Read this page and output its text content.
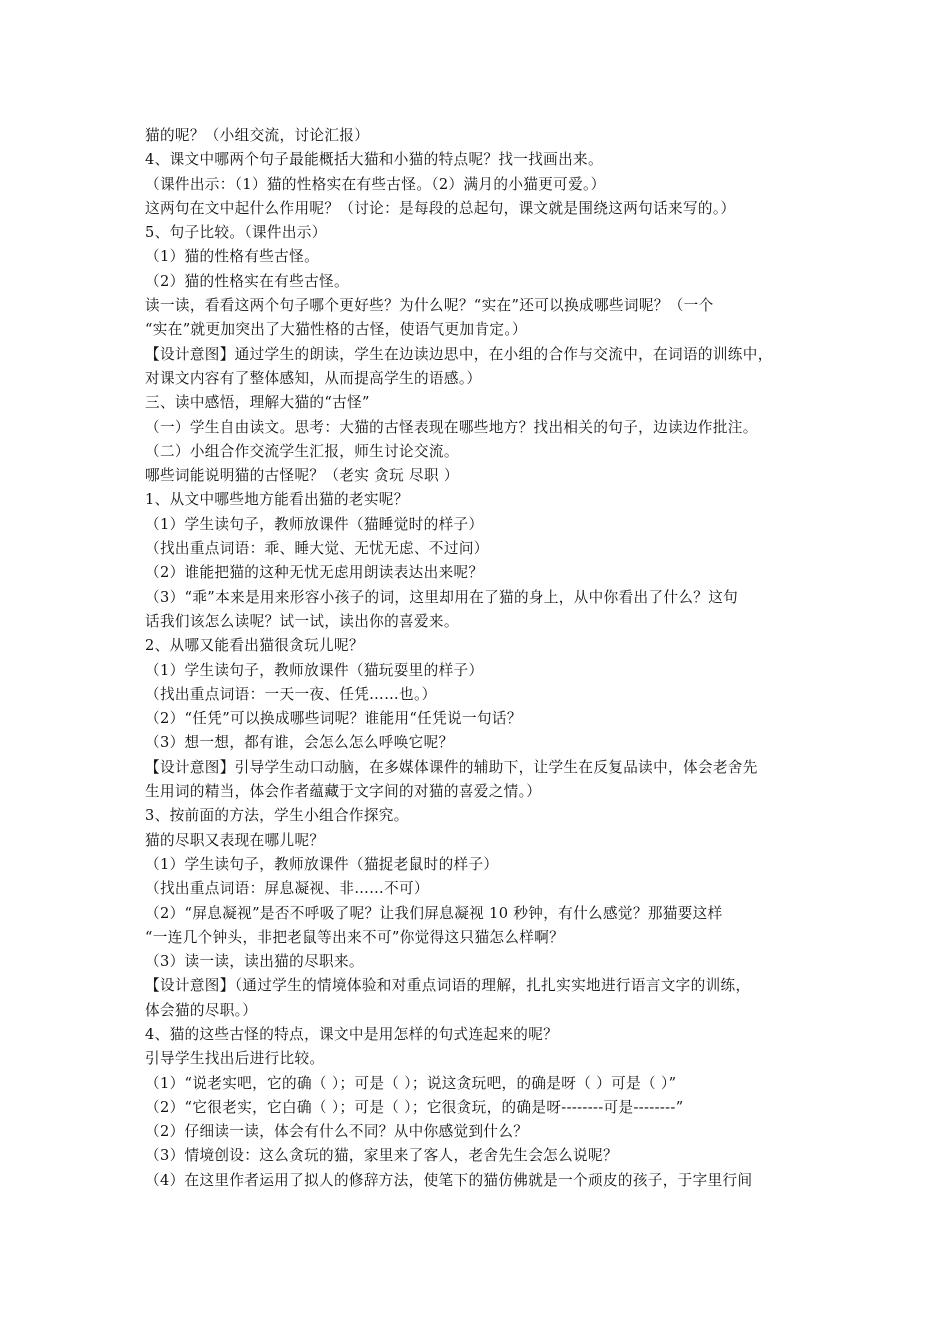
猫的呢？（小组交流，讨论汇报）
4、课文中哪两个句子最能概括大猫和小猫的特点呢？找一找画出来。
（课件出示：（1）猫的性格实在有些古怪。（2）满月的小猫更可爱。）
这两句在文中起什么作用呢？（讨论：是每段的总起句，课文就是围绕这两句话来写的。）
5、句子比较。（课件出示）
（1）猫的性格有些古怪。
（2）猫的性格实在有些古怪。
读一读，看看这两个句子哪个更好些？为什么呢？“实在”还可以换成哪些词呢？（一个
“实在”就更加突出了大猫性格的古怪，使语气更加肯定。）
【设计意图】通过学生的朗读，学生在边读边思中，在小组的合作与交流中，在词语的训练中，
对课文内容有了整体感知，从而提高学生的语感。）
三、读中感悟，理解大猫的“古怪”
（一）学生自由读文。思考：大猫的古怪表现在哪些地方？找出相关的句子，边读边作批注。
（二）小组合作交流学生汇报，师生讨论交流。
哪些词能说明猫的古怪呢？（老实 贪玩 尽职 ）
1、从文中哪些地方能看出猫的老实呢？
（1）学生读句子，教师放课件（猫睡觉时的样子）
（找出重点词语：乖、睡大觉、无忧无虑、不过问）
（2）谁能把猫的这种无忧无虑用朗读表达出来呢？
（3）“乖”本来是用来形容小孩子的词，这里却用在了猫的身上，从中你看出了什么？这句
话我们该怎么读呢？试一试，读出你的喜爱来。
2、从哪又能看出猫很贪玩儿呢？
（1）学生读句子，教师放课件（猫玩耍里的样子）
（找出重点词语：一天一夜、任凭……也。）
（2）“任凭”可以换成哪些词呢？谁能用“任凭说一句话？
（3）想一想，都有谁，会怎么怎么呼唤它呢？
【设计意图】引导学生动口动脑，在多媒体课件的辅助下，让学生在反复品读中，体会老舍先
生用词的精当，体会作者蕴藏于文字间的对猫的喜爱之情。）
3、按前面的方法，学生小组合作探究。
猫的尽职又表现在哪儿呢？
（1）学生读句子，教师放课件（猫捉老鼠时的样子）
（找出重点词语：屏息凝视、非……不可）
（2）“屏息凝视”是否不呼吸了呢？让我们屏息凝视 10 秒钟，有什么感觉？那猫要这样
“一连几个钟头，非把老鼠等出来不可”你觉得这只猫怎么样啊？
（3）读一读，读出猫的尽职来。
【设计意图】（通过学生的情境体验和对重点词语的理解，扎扎实实地进行语言文字的训练，
体会猫的尽职。）
4、猫的这些古怪的特点，课文中是用怎样的句式连起来的呢？
引导学生找出后进行比较。
（1）“说老实吧，它的确（ ）；可是（ ）；说这贪玩吧，的确是呀（ ）可是（ ）”
（2）“它很老实，它白确（ ）；可是（ ）；它很贪玩，的确是呀--------可是--------”
（2）仔细读一读，体会有什么不同？从中你感觉到什么？
（3）情境创设：这么贪玩的猫，家里来了客人，老舍先生会怎么说呢？
（4）在这里作者运用了拟人的修辞方法，使笔下的猫仿佛就是一个顽皮的孩子，于字里行间
